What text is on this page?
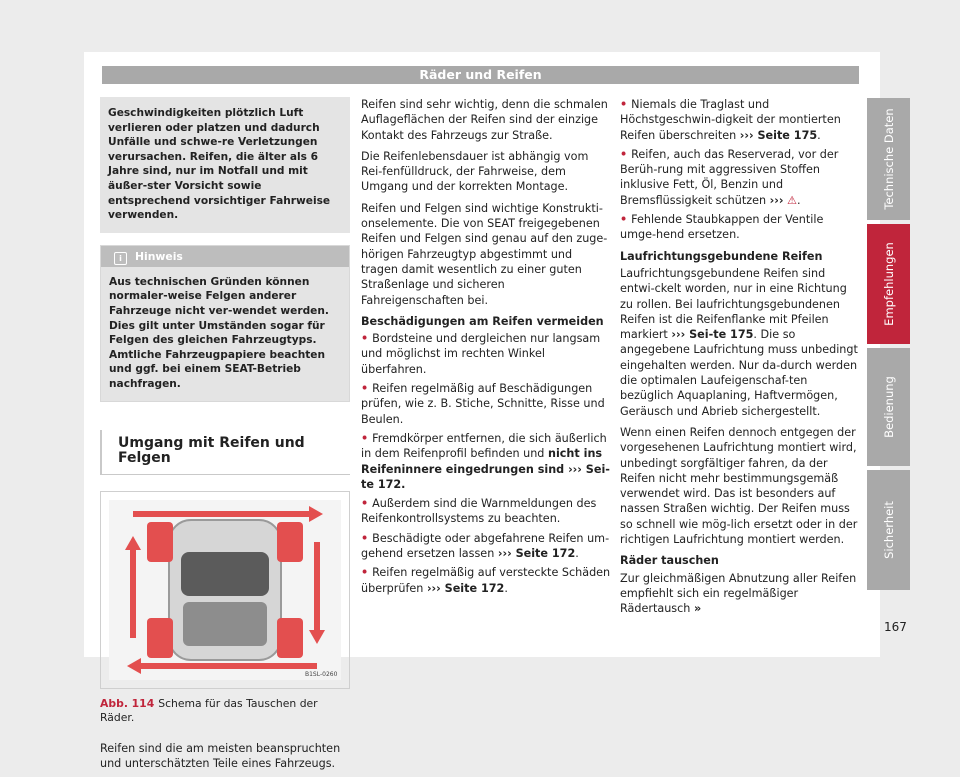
Räder und Reifen
Geschwindigkeiten plötzlich Luft verlieren oder platzen und dadurch Unfälle und schwe-re Verletzungen verursachen. Reifen, die älter als 6 Jahre sind, nur im Notfall und mit äußer-ster Vorsicht sowie entsprechend vorsichtiger Fahrweise verwenden.
i Hinweis
Aus technischen Gründen können normaler-weise Felgen anderer Fahrzeuge nicht ver-wendet werden. Dies gilt unter Umständen sogar für Felgen des gleichen Fahrzeugtyps. Amtliche Fahrzeugpapiere beachten und ggf. bei einem SEAT-Betrieb nachfragen.
Umgang mit Reifen und Felgen
B1SL-0260
Abb. 114 Schema für das Tauschen der Räder.

Reifen sind die am meisten beanspruchten und unterschätzten Teile eines Fahrzeugs.

Reifen sind sehr wichtig, denn die schmalen Auflageflächen der Reifen sind der einzige Kontakt des Fahrzeugs zur Straße.

Die Reifenlebensdauer ist abhängig vom Rei-fenfülldruck, der Fahrweise, dem Umgang und der korrekten Montage.

Reifen und Felgen sind wichtige Konstrukti-onselemente. Die von SEAT freigegebenen Reifen und Felgen sind genau auf den zuge-hörigen Fahrzeugtyp abgestimmt und tragen damit wesentlich zu einer guten Straßenlage und sicheren Fahreigenschaften bei.

Beschädigungen am Reifen vermeiden

• Bordsteine und dergleichen nur langsam und möglichst im rechten Winkel überfahren.

• Reifen regelmäßig auf Beschädigungen prüfen, wie z. B. Stiche, Schnitte, Risse und Beulen.

• Fremdkörper entfernen, die sich äußerlich in dem Reifenprofil befinden und nicht ins Reifeninnere eingedrungen sind ››› Sei-te 172.

• Außerdem sind die Warnmeldungen des Reifenkontrollsystems zu beachten.

• Beschädigte oder abgefahrene Reifen um-gehend ersetzen lassen ››› Seite 172.

• Reifen regelmäßig auf versteckte Schäden überprüfen ››› Seite 172.

• Niemals die Traglast und Höchstgeschwin-digkeit der montierten Reifen überschreiten ››› Seite 175.

• Reifen, auch das Reserverad, vor der Berüh-rung mit aggressiven Stoffen inklusive Fett, Öl, Benzin und Bremsflüssigkeit schützen ››› ⚠.

• Fehlende Staubkappen der Ventile umge-hend ersetzen.

Laufrichtungsgebundene Reifen

Laufrichtungsgebundene Reifen sind entwi-ckelt worden, nur in eine Richtung zu rollen. Bei laufrichtungsgebundenen Reifen ist die Reifenflanke mit Pfeilen markiert ››› Sei-te 175. Die so angegebene Laufrichtung muss unbedingt eingehalten werden. Nur da-durch werden die optimalen Laufeigenschaf-ten bezüglich Aquaplaning, Haftvermögen, Geräusch und Abrieb sichergestellt.

Wenn einen Reifen dennoch entgegen der vorgesehenen Laufrichtung montiert wird, unbedingt sorgfältiger fahren, da der Reifen nicht mehr bestimmungsgemäß verwendet wird. Das ist besonders auf nassen Straßen wichtig. Der Reifen muss so schnell wie mög-lich ersetzt oder in der richtigen Laufrichtung montiert werden.

Räder tauschen

Zur gleichmäßigen Abnutzung aller Reifen empfiehlt sich ein regelmäßiger Rädertausch »

Technische Daten
Empfehlungen
Bedienung
Sicherheit
167
